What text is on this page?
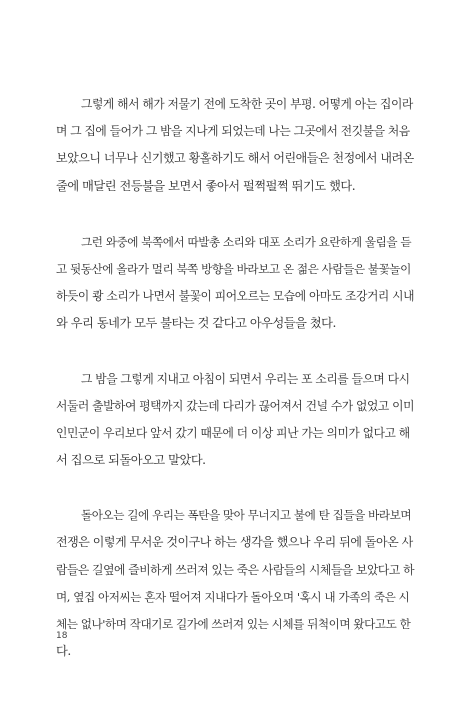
그렇게 해서 해가 저물기 전에 도착한 곳이 부평. 어떻게 아는 집이라
며 그 집에 들어가 그 밤을 지나게 되었는데 나는 그곳에서 전깃불을 처음
보았으니 너무나 신기했고 황홀하기도 해서 어린애들은 천정에서 내려온
줄에 매달린 전등불을 보면서 좋아서 펄쩍펄쩍 뛰기도 했다.
그런 와중에 북쪽에서 따발총 소리와 대포 소리가 요란하게 울림을 듣
고 뒷동산에 올라가 멀리 북쪽 방향을 바라보고 온 젊은 사람들은 불꽃놀이
하듯이 쾅 소리가 나면서 불꽃이 피어오르는 모습에 아마도 조강거리 시내
와 우리 동네가 모두 불타는 것 같다고 아우성들을 쳤다.
그 밤을 그렇게 지내고 아침이 되면서 우리는 포 소리를 들으며 다시
서둘러 출발하여 평택까지 갔는데 다리가 끊어져서 건널 수가 없었고 이미
인민군이 우리보다 앞서 갔기 때문에 더 이상 피난 가는 의미가 없다고 해
서 집으로 되돌아오고 말았다.
돌아오는 길에 우리는 폭탄을 맞아 무너지고 불에 탄 집들을 바라보며
전쟁은 이렇게 무서운 것이구나 하는 생각을 했으나 우리 뒤에 돌아온 사
람들은 길옆에 즐비하게 쓰러져 있는 죽은 사람들의 시체들을 보았다고 하
며, 옆집 아저씨는 혼자 떨어져 지내다가 돌아오며 '혹시 내 가족의 죽은 시
체는 없나'하며 작대기로 길가에 쓰러져 있는 시체를 뒤척이며 왔다고도 한
다.
18
